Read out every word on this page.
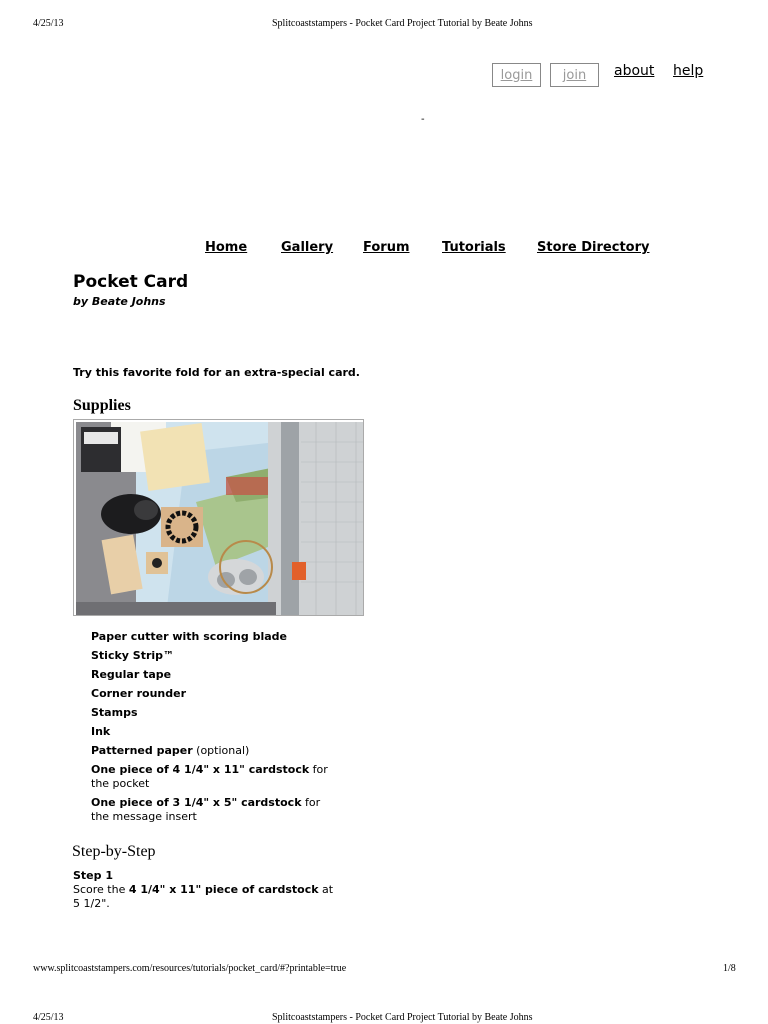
4/25/13	Splitcoaststampers - Pocket Card Project Tutorial by Beate Johns
login	join	about help
-
Home	Gallery Forum	Tutorials Store Directory
Pocket Card
by Beate Johns
Try this favorite fold for an extra-special card.
Supplies
Paper cutter with scoring blade
Sticky Strip™
Regular tape
Corner rounder
Stamps
Ink
Patterned paper (optional)
One piece of 4 1/4" x 11" cardstock for the pocket
One piece of 3 1/4" x 5" cardstock for the message insert
Step-by-Step
Step 1
Score the 4 1/4" x 11" piece of cardstock at 5 1/2".
www.splitcoaststampers.com/resources/tutorials/pocket_card/#?printable=true	1/8
4/25/13	Splitcoaststampers - Pocket Card Project Tutorial by Beate Johns
